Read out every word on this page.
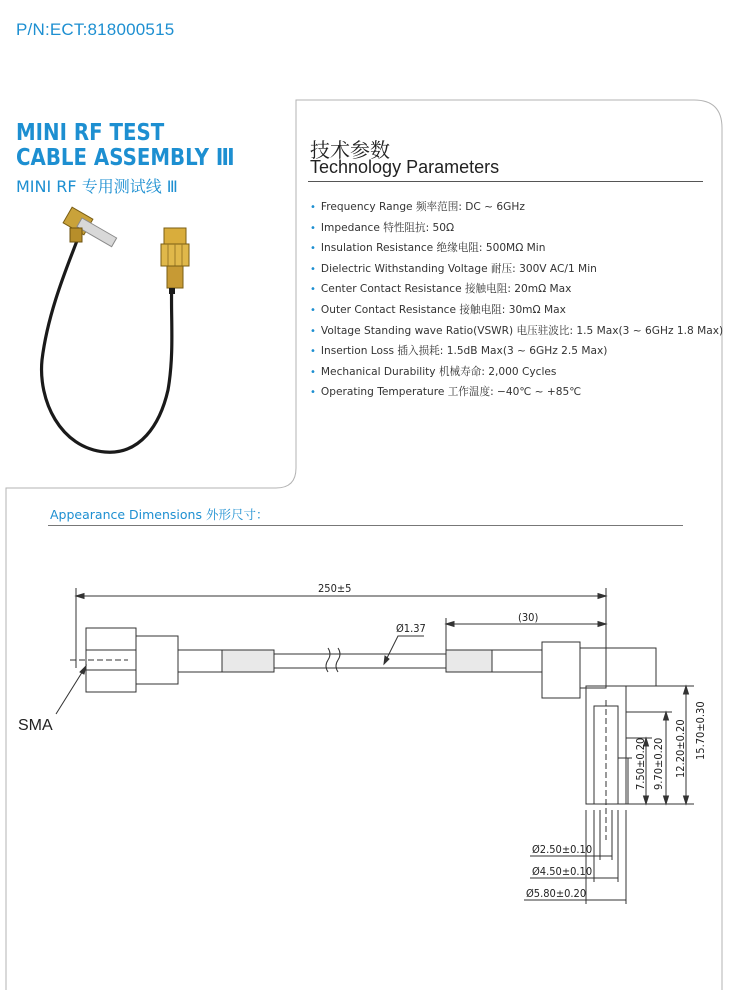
P/N:ECT:818000515
MINI RF TEST
CABLE ASSEMBLY Ⅲ
MINI RF 专用测试线 Ⅲ
技术参数
Technology Parameters
• Frequency Range 频率范围: DC ~ 6GHz
• Impedance 特性阻抗: 50Ω
• Insulation Resistance 绝缘电阻: 500MΩ Min
• Dielectric Withstanding Voltage 耐压: 300V AC/1 Min
• Center Contact Resistance 接触电阻: 20mΩ Max
• Outer Contact Resistance 接触电阻: 30mΩ Max
• Voltage Standing wave Ratio(VSWR) 电压驻波比: 1.5 Max(3 ~ 6GHz 1.8 Max)
• Insertion Loss 插入损耗: 1.5dB Max(3 ~ 6GHz 2.5 Max)
• Mechanical Durability 机械寿命: 2,000 Cycles
• Operating Temperature 工作温度: −40℃ ~ +85℃
Appearance Dimensions 外形尺寸：
250±5
Ø1.37
(30)
SMA	15.70±0.30
12.20±0.20
9.70±0.20
7.50±0.20
Ø2.50±0.10
Ø4.50±0.10
Ø5.80±0.20
